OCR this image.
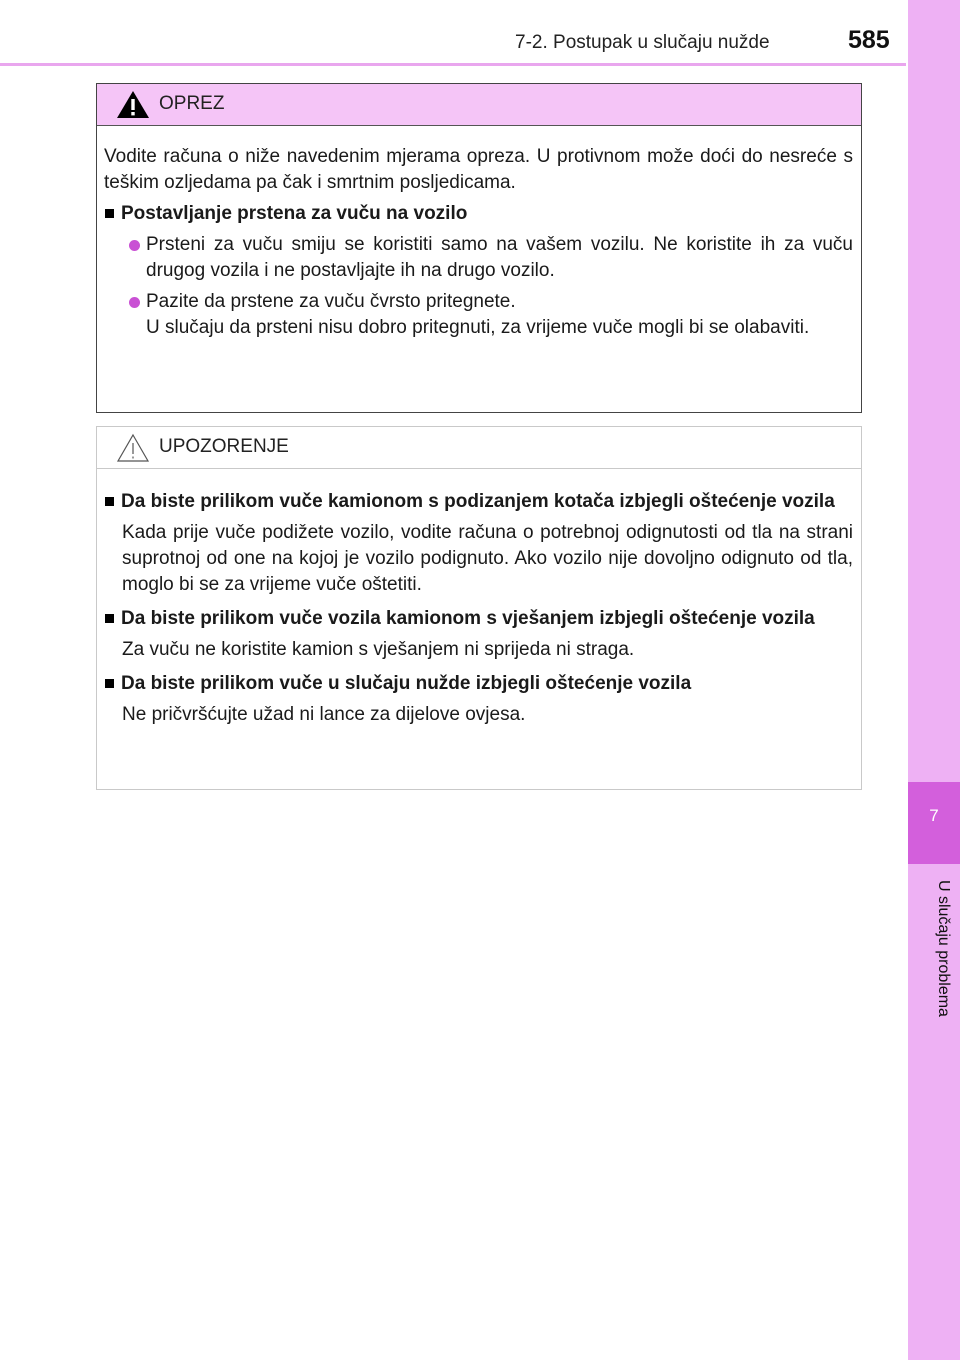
7-2. Postupak u slučaju nužde	585
7
U slučaju problema
OPREZ

Vodite računa o niže navedenim mjerama opreza. U protivnom može doći do nesreće s teškim ozljedama pa čak i smrtnim posljedicama.

Postavljanje prstena za vuču na vozilo

Prsteni za vuču smiju se koristiti samo na vašem vozilu. Ne koristite ih za vuču drugog vozila i ne postavljajte ih na drugo vozilo.

Pazite da prstene za vuču čvrsto pritegnete.

U slučaju da prsteni nisu dobro pritegnuti, za vrijeme vuče mogli bi se olabaviti.

UPOZORENJE

Da biste prilikom vuče kamionom s podizanjem kotača izbjegli oštećenje vozila

Kada prije vuče podižete vozilo, vodite računa o potrebnoj odignutosti od tla na strani suprotnoj od one na kojoj je vozilo podignuto. Ako vozilo nije dovoljno odignuto od tla, moglo bi se za vrijeme vuče oštetiti.

Da biste prilikom vuče vozila kamionom s vješanjem izbjegli oštećenje vozila

Za vuču ne koristite kamion s vješanjem ni sprijeda ni straga.

Da biste prilikom vuče u slučaju nužde izbjegli oštećenje vozila

Ne pričvršćujte užad ni lance za dijelove ovjesa.
